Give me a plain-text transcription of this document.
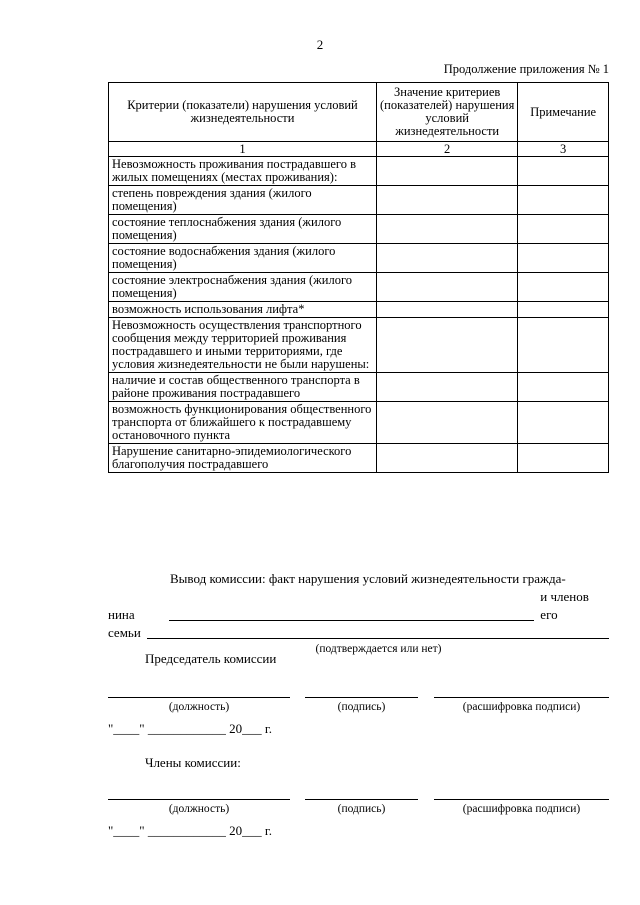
2
Продолжение приложения № 1
Критерии (показатели) нарушения условий жизнедеятельности	Значение критериев (показателей) нарушения условий жизнедеятельности	Примечание
1	2	3
Невозможность проживания пострадавшего в жилых помещениях (местах проживания):		
степень повреждения здания (жилого помещения)		
состояние теплоснабжения здания (жилого помещения)		
состояние водоснабжения здания (жилого помещения)		
состояние электроснабжения здания (жилого помещения)		
возможность использования лифта*		
Невозможность осуществления транспортного сообщения между территорией проживания пострадавшего и иными территориями, где условия жизнедеятельности не были нарушены:		
наличие и состав общественного транспорта в районе проживания пострадавшего		
возможность функционирования общественного транспорта от ближайшего к пострадавшему остановочного пункта		
Нарушение санитарно-эпидемиологического благополучия пострадавшего		
Вывод комиссии: факт нарушения условий жизнедеятельности гражда-
нина
и членов его
семьи
(подтверждается или нет)
Председатель комиссии
(должность)	(подпись)	(расшифровка подписи)
"____" ____________ 20___ г.
Члены комиссии:
(должность)	(подпись)	(расшифровка подписи)
"____" ____________ 20___ г.
